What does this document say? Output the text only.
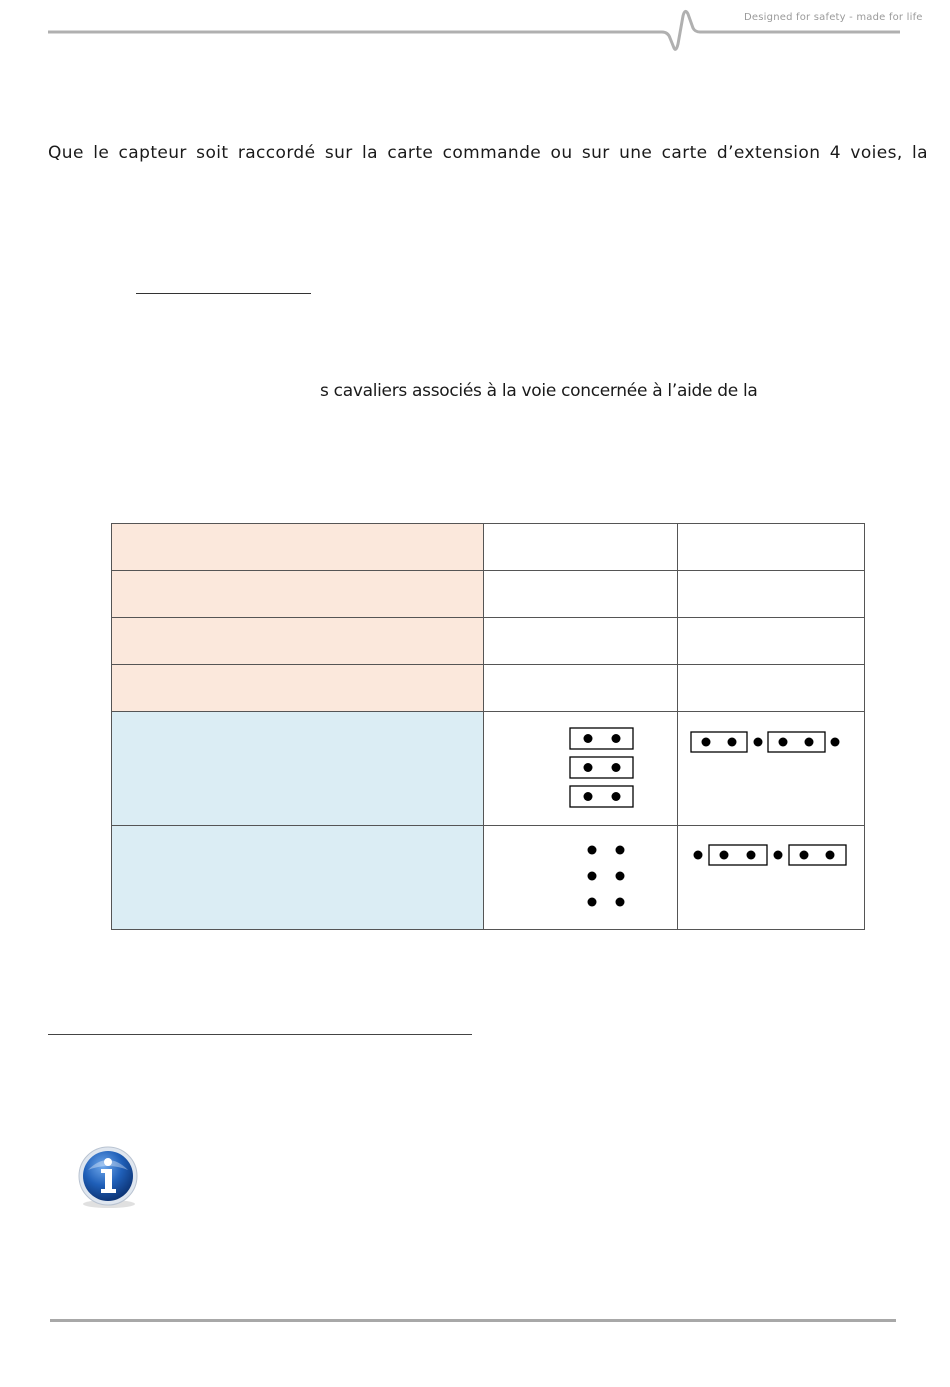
Designed for safety - made for life
Que le capteur soit raccordé sur la carte commande ou sur une carte d’extension 4 voies, la
s cavaliers associés à la voie concernée à l’aide de la
